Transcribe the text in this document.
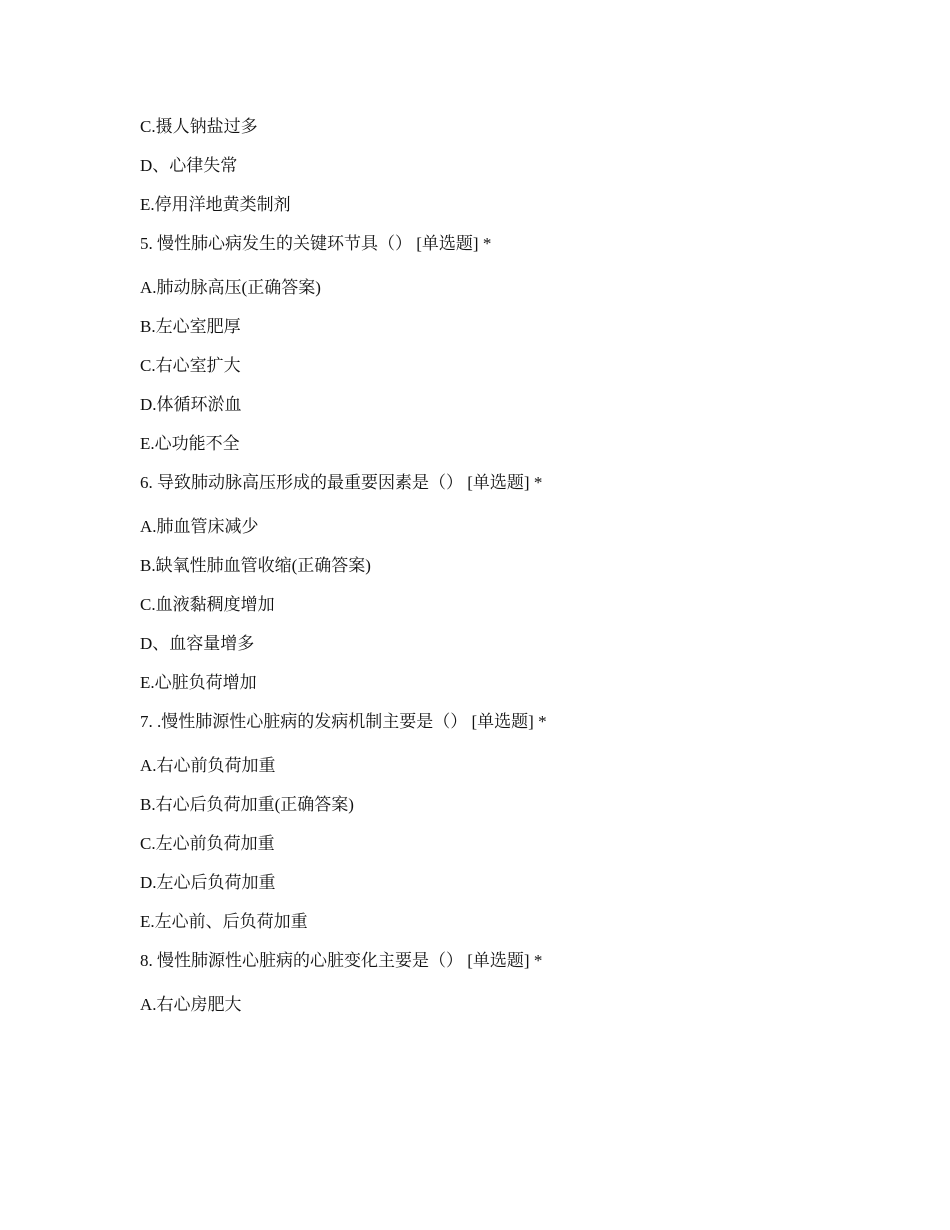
C.摄人钠盐过多
D、心律失常
E.停用洋地黄类制剂
5. 慢性肺心病发生的关键环节具（） [单选题] *
A.肺动脉高压(正确答案)
B.左心室肥厚
C.右心室扩大
D.体循环淤血
E.心功能不全
6. 导致肺动脉高压形成的最重要因素是（） [单选题] *
A.肺血管床减少
B.缺氧性肺血管收缩(正确答案)
C.血液黏稠度增加
D、血容量增多
E.心脏负荷增加
7. .慢性肺源性心脏病的发病机制主要是（） [单选题] *
A.右心前负荷加重
B.右心后负荷加重(正确答案)
C.左心前负荷加重
D.左心后负荷加重
E.左心前、后负荷加重
8. 慢性肺源性心脏病的心脏变化主要是（） [单选题] *
A.右心房肥大
